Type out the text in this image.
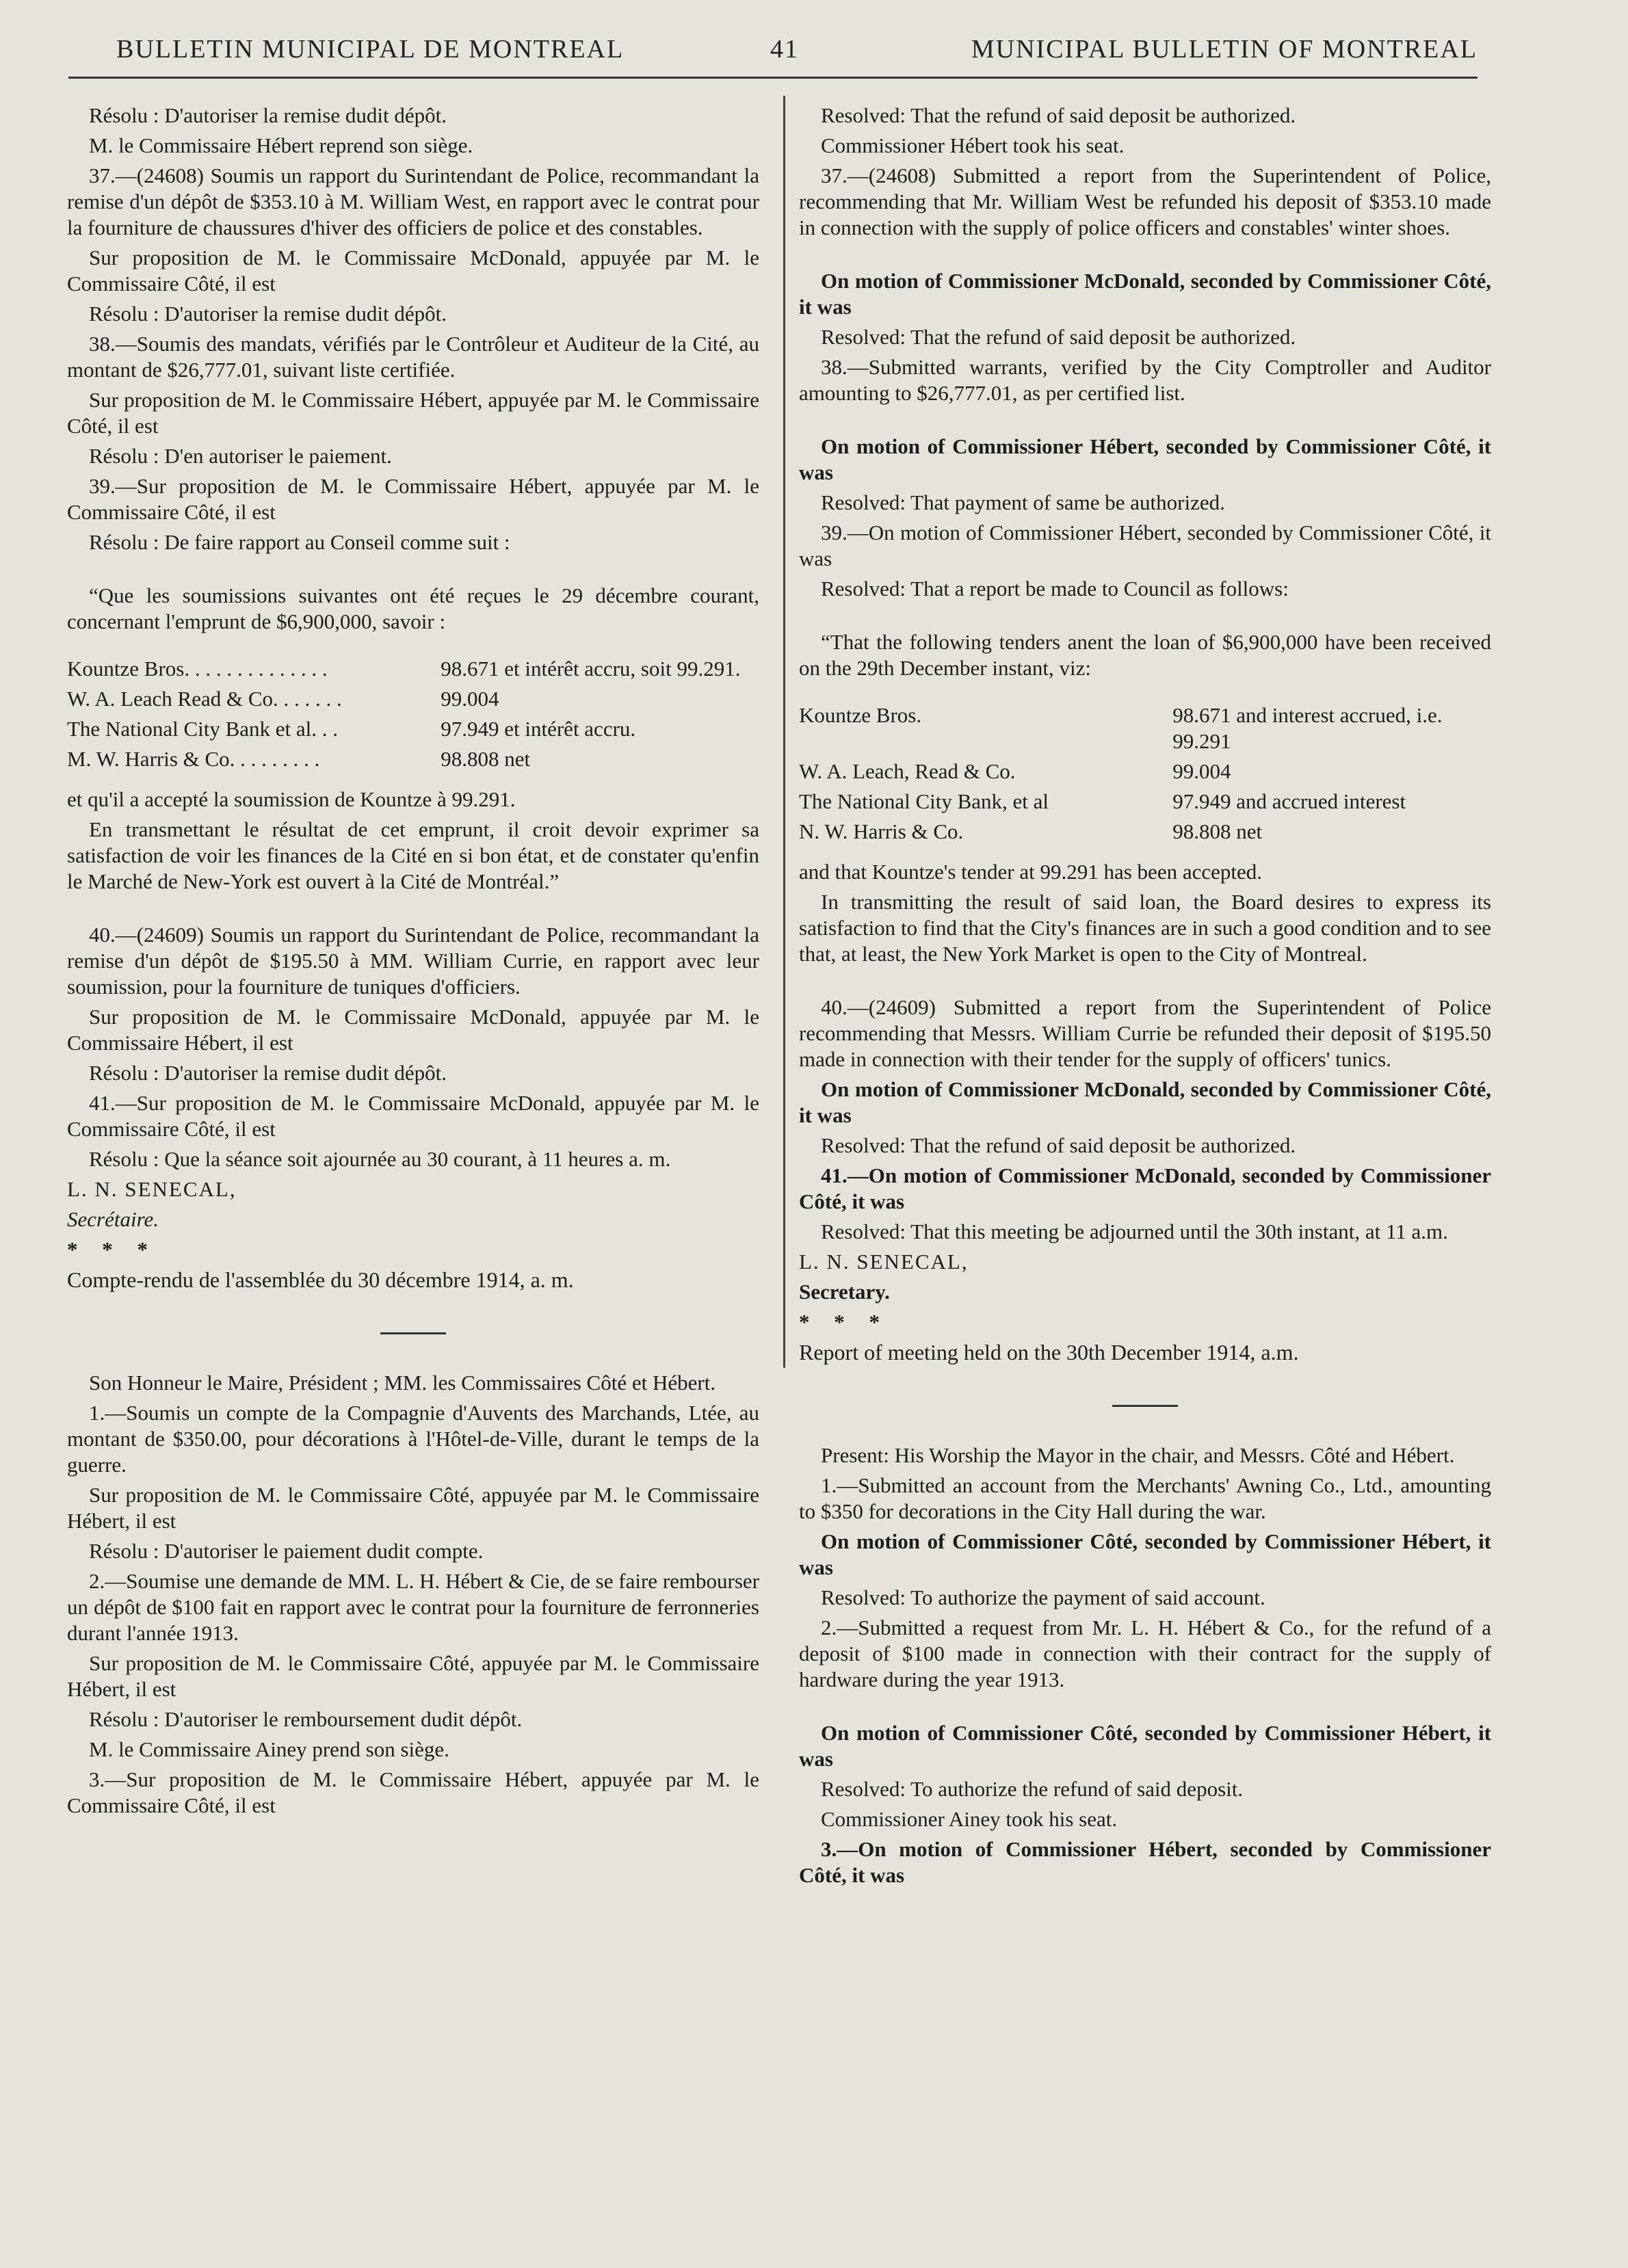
BULLETIN MUNICIPAL DE MONTREAL	41	MUNICIPAL BULLETIN OF MONTREAL

Résolu : D'autoriser la remise dudit dépôt.

M. le Commissaire Hébert reprend son siège.

37.—(24608) Soumis un rapport du Surintendant de Police, recommandant la remise d'un dépôt de $353.10 à M. William West, en rapport avec le contrat pour la fourniture de chaussures d'hiver des officiers de police et des constables.

Sur proposition de M. le Commissaire McDonald, appuyée par M. le Commissaire Côté, il est

Résolu : D'autoriser la remise dudit dépôt.

38.—Soumis des mandats, vérifiés par le Contrôleur et Auditeur de la Cité, au montant de $26,777.01, suivant liste certifiée.

Sur proposition de M. le Commissaire Hébert, appuyée par M. le Commissaire Côté, il est

Résolu : D'en autoriser le paiement.

39.—Sur proposition de M. le Commissaire Hébert, appuyée par M. le Commissaire Côté, il est

Résolu : De faire rapport au Conseil comme suit :

“Que les soumissions suivantes ont été reçues le 29 décembre courant, concernant l'emprunt de $6,900,000, savoir :

Kountze Bros. . . . . . . . . . . . . .	98.671 et intérêt accru, soit 99.291.
W. A. Leach Read & Co. . . . . . .	99.004
The National City Bank et al. . .	97.949 et intérêt accru.
M. W. Harris & Co. . . . . . . . .	98.808 net

et qu'il a accepté la soumission de Kountze à 99.291.

En transmettant le résultat de cet emprunt, il croit devoir exprimer sa satisfaction de voir les finances de la Cité en si bon état, et de constater qu'enfin le Marché de New-York est ouvert à la Cité de Montréal.”

40.—(24609) Soumis un rapport du Surintendant de Police, recommandant la remise d'un dépôt de $195.50 à MM. William Currie, en rapport avec leur soumission, pour la fourniture de tuniques d'officiers.

Sur proposition de M. le Commissaire McDonald, appuyée par M. le Commissaire Hébert, il est

Résolu : D'autoriser la remise dudit dépôt.

41.—Sur proposition de M. le Commissaire McDonald, appuyée par M. le Commissaire Côté, il est

Résolu : Que la séance soit ajournée au 30 courant, à 11 heures a. m.

L. N. SENECAL,

Secrétaire.

* * *

Compte-rendu de l'assemblée du 30 décembre 1914, a. m.

Son Honneur le Maire, Président ; MM. les Commissaires Côté et Hébert.

1.—Soumis un compte de la Compagnie d'Auvents des Marchands, Ltée, au montant de $350.00, pour décorations à l'Hôtel-de-Ville, durant le temps de la guerre.

Sur proposition de M. le Commissaire Côté, appuyée par M. le Commissaire Hébert, il est

Résolu : D'autoriser le paiement dudit compte.

2.—Soumise une demande de MM. L. H. Hébert & Cie, de se faire rembourser un dépôt de $100 fait en rapport avec le contrat pour la fourniture de ferronneries durant l'année 1913.

Sur proposition de M. le Commissaire Côté, appuyée par M. le Commissaire Hébert, il est

Résolu : D'autoriser le remboursement dudit dépôt.

M. le Commissaire Ainey prend son siège.

3.—Sur proposition de M. le Commissaire Hébert, appuyée par M. le Commissaire Côté, il est

Resolved: That the refund of said deposit be authorized.

Commissioner Hébert took his seat.

37.—(24608) Submitted a report from the Superintendent of Police, recommending that Mr. William West be refunded his deposit of $353.10 made in connection with the supply of police officers and constables' winter shoes.

On motion of Commissioner McDonald, seconded by Commissioner Côté, it was

Resolved: That the refund of said deposit be authorized.

38.—Submitted warrants, verified by the City Comptroller and Auditor amounting to $26,777.01, as per certified list.

On motion of Commissioner Hébert, seconded by Commissioner Côté, it was

Resolved: That payment of same be authorized.

39.—On motion of Commissioner Hébert, seconded by Commissioner Côté, it was

Resolved: That a report be made to Council as follows:

“That the following tenders anent the loan of $6,900,000 have been received on the 29th December instant, viz:

Kountze Bros.	98.671 and interest accrued, i.e. 99.291
W. A. Leach, Read & Co.	99.004
The National City Bank, et al	97.949 and accrued interest
N. W. Harris & Co.	98.808 net

and that Kountze's tender at 99.291 has been accepted.

In transmitting the result of said loan, the Board desires to express its satisfaction to find that the City's finances are in such a good condition and to see that, at least, the New York Market is open to the City of Montreal.

40.—(24609) Submitted a report from the Superintendent of Police recommending that Messrs. William Currie be refunded their deposit of $195.50 made in connection with their tender for the supply of officers' tunics.

On motion of Commissioner McDonald, seconded by Commissioner Côté, it was

Resolved: That the refund of said deposit be authorized.

41.—On motion of Commissioner McDonald, seconded by Commissioner Côté, it was

Resolved: That this meeting be adjourned until the 30th instant, at 11 a.m.

L. N. SENECAL,

Secretary.

* * *

Report of meeting held on the 30th December 1914, a.m.

Present: His Worship the Mayor in the chair, and Messrs. Côté and Hébert.

1.—Submitted an account from the Merchants' Awning Co., Ltd., amounting to $350 for decorations in the City Hall during the war.

On motion of Commissioner Côté, seconded by Commissioner Hébert, it was

Resolved: To authorize the payment of said account.

2.—Submitted a request from Mr. L. H. Hébert & Co., for the refund of a deposit of $100 made in connection with their contract for the supply of hardware during the year 1913.

On motion of Commissioner Côté, seconded by Commissioner Hébert, it was

Resolved: To authorize the refund of said deposit.

Commissioner Ainey took his seat.

3.—On motion of Commissioner Hébert, seconded by Commissioner Côté, it was
